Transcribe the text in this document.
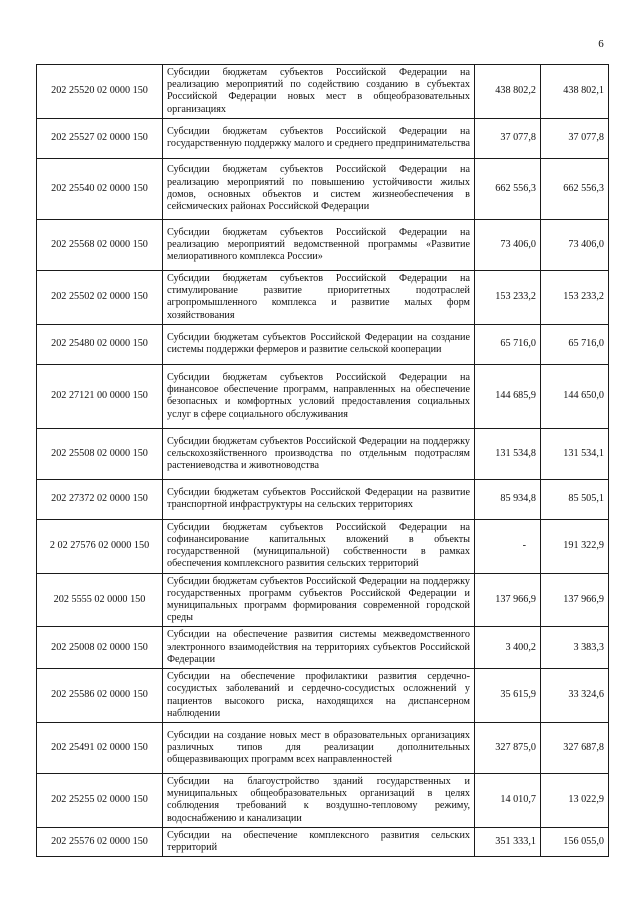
6
202 25520 02 0000 150	Субсидии бюджетам субъектов Российской Федерации на реализацию мероприятий по содействию созданию в субъектах Российской Федерации новых мест в общеобразовательных организациях	438 802,2	438 802,1
202 25527 02 0000 150	Субсидии бюджетам субъектов Российской Федерации на государственную поддержку малого и среднего предпринимательства	37 077,8	37 077,8
202 25540 02 0000 150	Субсидии бюджетам субъектов Российской Федерации на реализацию мероприятий по повышению устойчивости жилых домов, основных объектов и систем жизнеобеспечения в сейсмических районах Российской Федерации	662 556,3	662 556,3
202 25568 02 0000 150	Субсидии бюджетам субъектов Российской Федерации на реализацию мероприятий ведомственной программы «Развитие мелиоративного комплекса России»	73 406,0	73 406,0
202 25502 02 0000 150	Субсидии бюджетам субъектов Российской Федерации на стимулирование развитие приоритетных подотраслей агропромышленного комплекса и развитие малых форм хозяйствования	153 233,2	153 233,2
202 25480 02 0000 150	Субсидии бюджетам субъектов Российской Федерации на создание системы поддержки фермеров и развитие сельской кооперации	65 716,0	65 716,0
202 27121 00 0000 150	Субсидии бюджетам субъектов Российской Федерации на финансовое обеспечение программ, направленных на обеспечение безопасных и комфортных условий предоставления социальных услуг в сфере социального обслуживания	144 685,9	144 650,0
202 25508 02 0000 150	Субсидии бюджетам субъектов Российской Федерации на поддержку сельскохозяйственного производства по отдельным подотраслям растениеводства и животноводства	131 534,8	131 534,1
202 27372 02 0000 150	Субсидии бюджетам субъектов Российской Федерации на развитие транспортной инфраструктуры на сельских территориях	85 934,8	85 505,1
2 02 27576 02 0000 150	Субсидии бюджетам субъектов Российской Федерации на софинансирование капитальных вложений в объекты государственной (муниципальной) собственности в рамках обеспечения комплексного развития сельских территорий	-	191 322,9
202 5555 02 0000 150	Субсидии бюджетам субъектов Российской Федерации на поддержку государственных программ субъектов Российской Федерации и муниципальных программ формирования современной городской среды	137 966,9	137 966,9
202 25008 02 0000 150	Субсидии на обеспечение развития системы межведомственного электронного взаимодействия на территориях субъектов Российской Федерации	3 400,2	3 383,3
202 25586 02 0000 150	Субсидии на обеспечение профилактики развития сердечно-сосудистых заболеваний и сердечно-сосудистых осложнений у пациентов высокого риска, находящихся на диспансерном наблюдении	35 615,9	33 324,6
202 25491 02 0000 150	Субсидии на создание новых мест в образовательных организациях различных типов для реализации дополнительных общеразвивающих программ всех направленностей	327 875,0	327 687,8
202 25255 02 0000 150	Субсидии на благоустройство зданий государственных и муниципальных общеобразовательных организаций в целях соблюдения требований к воздушно-тепловому режиму, водоснабжению и канализации	14 010,7	13 022,9
202 25576 02 0000 150	Субсидии на обеспечение комплексного развития сельских территорий	351 333,1	156 055,0
